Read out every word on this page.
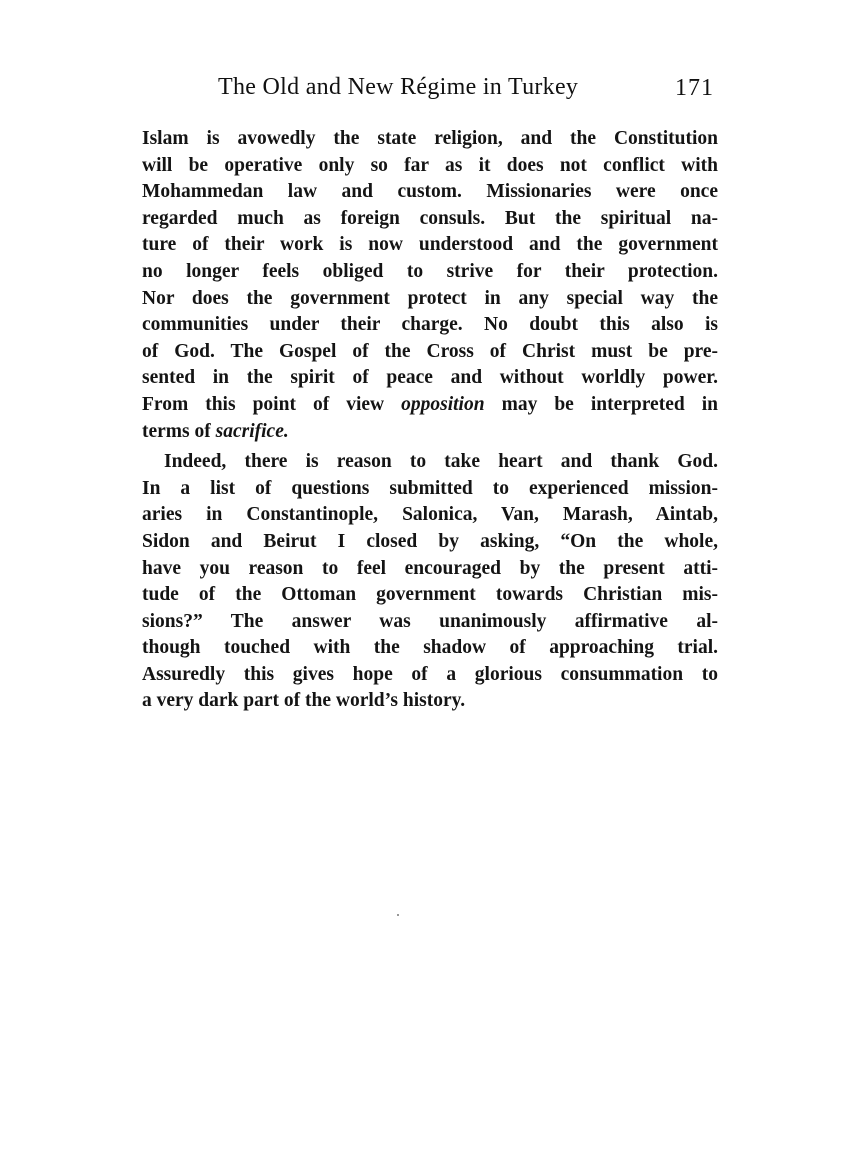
The Old and New Régime in Turkey	171
Islam is avowedly the state religion, and the Constitution
will be operative only so far as it does not conflict with
Mohammedan law and custom. Missionaries were once
regarded much as foreign consuls. But the spiritual na-
ture of their work is now understood and the government
no longer feels obliged to strive for their protection.
Nor does the government protect in any special way the
communities under their charge. No doubt this also is
of God. The Gospel of the Cross of Christ must be pre-
sented in the spirit of peace and without worldly power.
From this point of view opposition may be interpreted in
terms of sacrifice.
Indeed, there is reason to take heart and thank God.
In a list of questions submitted to experienced mission-
aries in Constantinople, Salonica, Van, Marash, Aintab,
Sidon and Beirut I closed by asking, “On the whole,
have you reason to feel encouraged by the present atti-
tude of the Ottoman government towards Christian mis-
sions?” The answer was unanimously affirmative al-
though touched with the shadow of approaching trial.
Assuredly this gives hope of a glorious consummation to
a very dark part of the world’s history.
